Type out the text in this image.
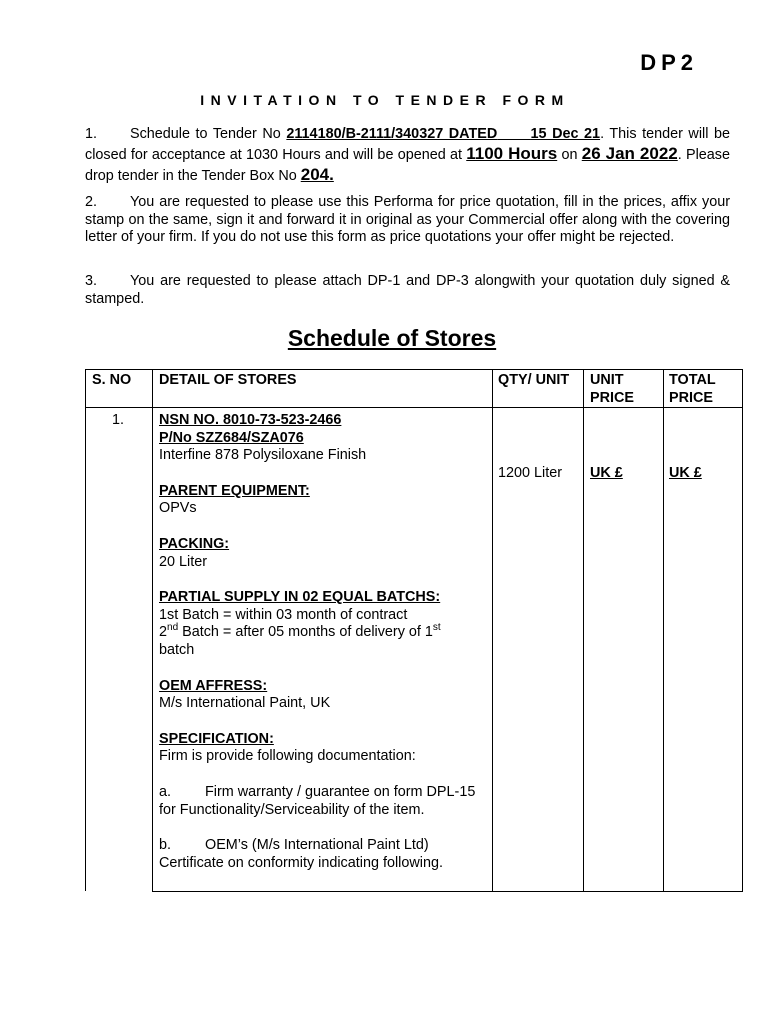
DP2
INVITATION TO TENDER FORM
1. Schedule to Tender No 2114180/B-2111/340327 DATED 15 Dec 21. This tender will be closed for acceptance at 1030 Hours and will be opened at 1100 Hours on 26 Jan 2022. Please drop tender in the Tender Box No 204.
2. You are requested to please use this Performa for price quotation, fill in the prices, affix your stamp on the same, sign it and forward it in original as your Commercial offer along with the covering letter of your firm. If you do not use this form as price quotations your offer might be rejected.
3. You are requested to please attach DP-1 and DP-3 alongwith your quotation duly signed & stamped.
Schedule of Stores
S. NO DETAIL OF STORES	QTY/ UNIT UNIT
PRICE
TOTAL
PRICE
1. NSN NO. 8010-73-523-2466
P/No SZZ684/SZA076
Interfine 878 Polysiloxane Finish

PARENT EQUIPMENT:
OPVs

PACKING:
20 Liter

PARTIAL SUPPLY IN 02 EQUAL BATCHS:
1st Batch = within 03 month of contract
2nd Batch = after 05 months of delivery of 1st
batch

OEM AFFRESS:
M/s International Paint, UK

SPECIFICATION:
Firm is provide following documentation:

a. Firm warranty / guarantee on form DPL-15 for Functionality/Serviceability of the item.

b. OEM’s (M/s International Paint Ltd) Certificate on conformity indicating following.

1200 Liter UK £	UK £
